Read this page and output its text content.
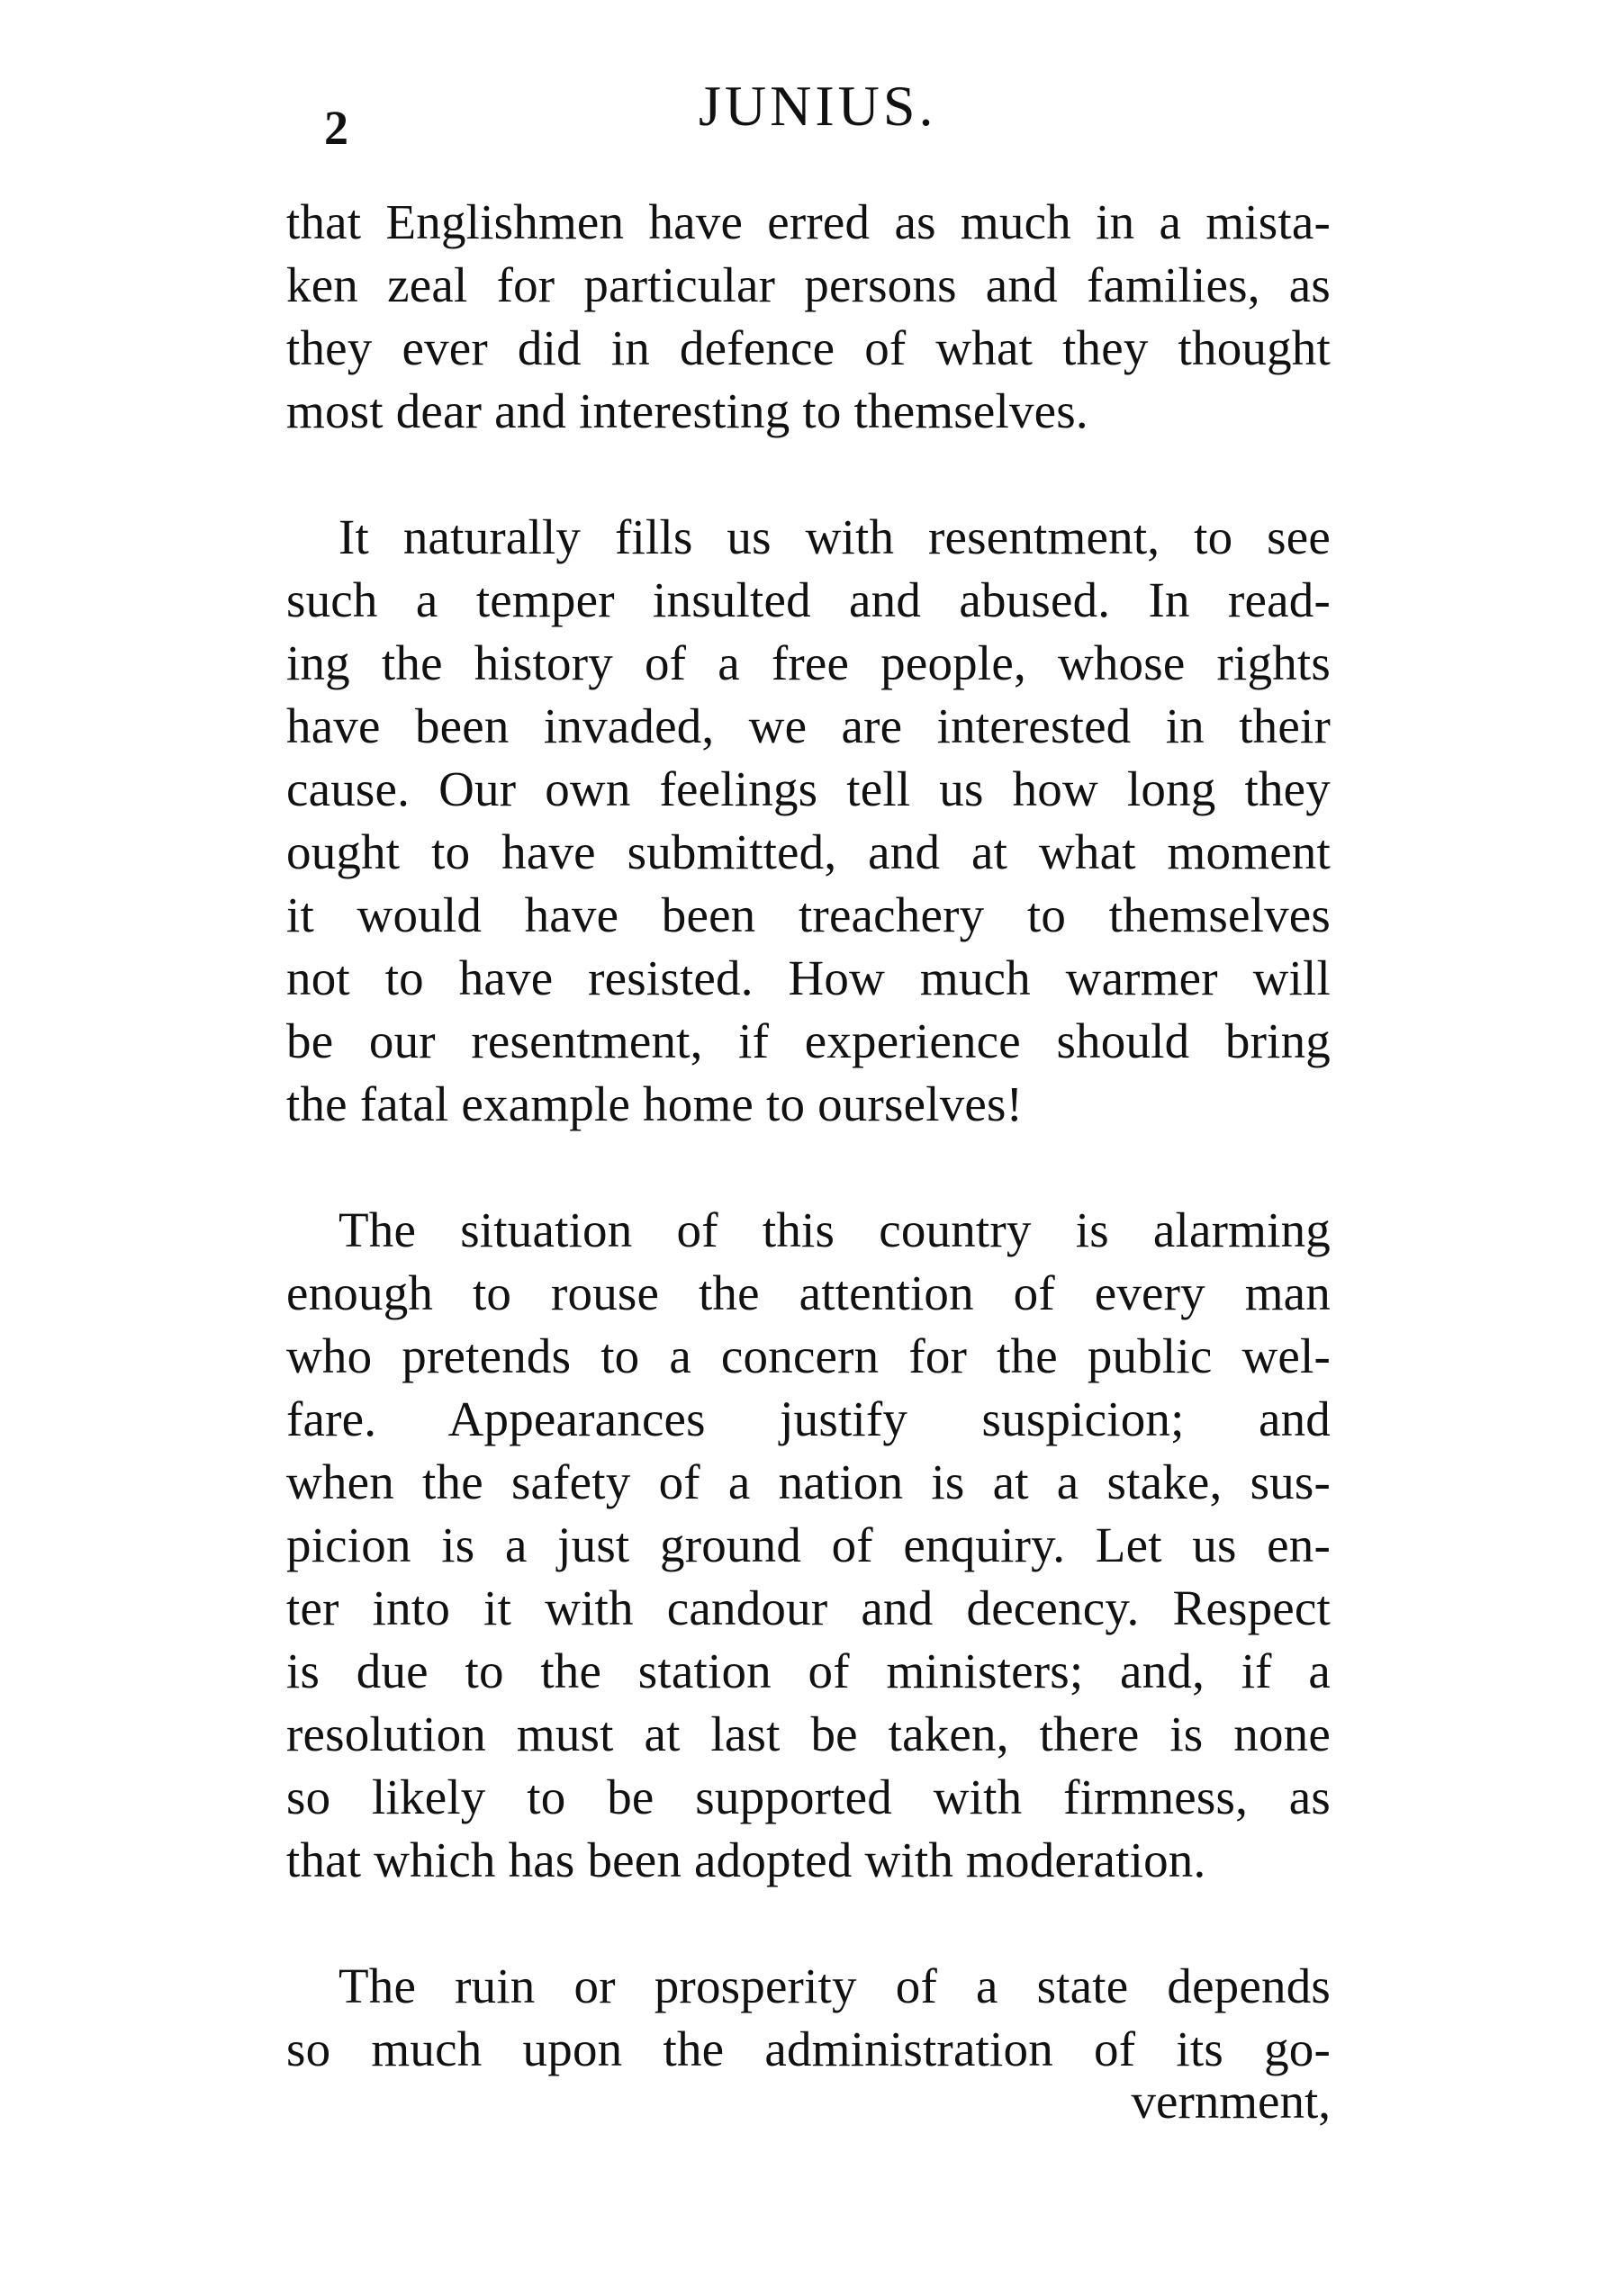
2	JUNIUS.

that Englishmen have erred as much in a mista-
ken zeal for particular persons and families, as
they ever did in defence of what they thought
most dear and interesting to themselves.

It naturally fills us with resentment, to see
such a temper insulted and abused. In read-
ing the history of a free people, whose rights
have been invaded, we are interested in their
cause. Our own feelings tell us how long they
ought to have submitted, and at what moment
it would have been treachery to themselves
not to have resisted. How much warmer will
be our resentment, if experience should bring
the fatal example home to ourselves!

The situation of this country is alarming
enough to rouse the attention of every man
who pretends to a concern for the public wel-
fare. Appearances justify suspicion; and
when the safety of a nation is at a stake, sus-
picion is a just ground of enquiry. Let us en-
ter into it with candour and decency. Respect
is due to the station of ministers; and, if a
resolution must at last be taken, there is none
so likely to be supported with firmness, as
that which has been adopted with moderation.

The ruin or prosperity of a state depends
so much upon the administration of its go-

vernment,
